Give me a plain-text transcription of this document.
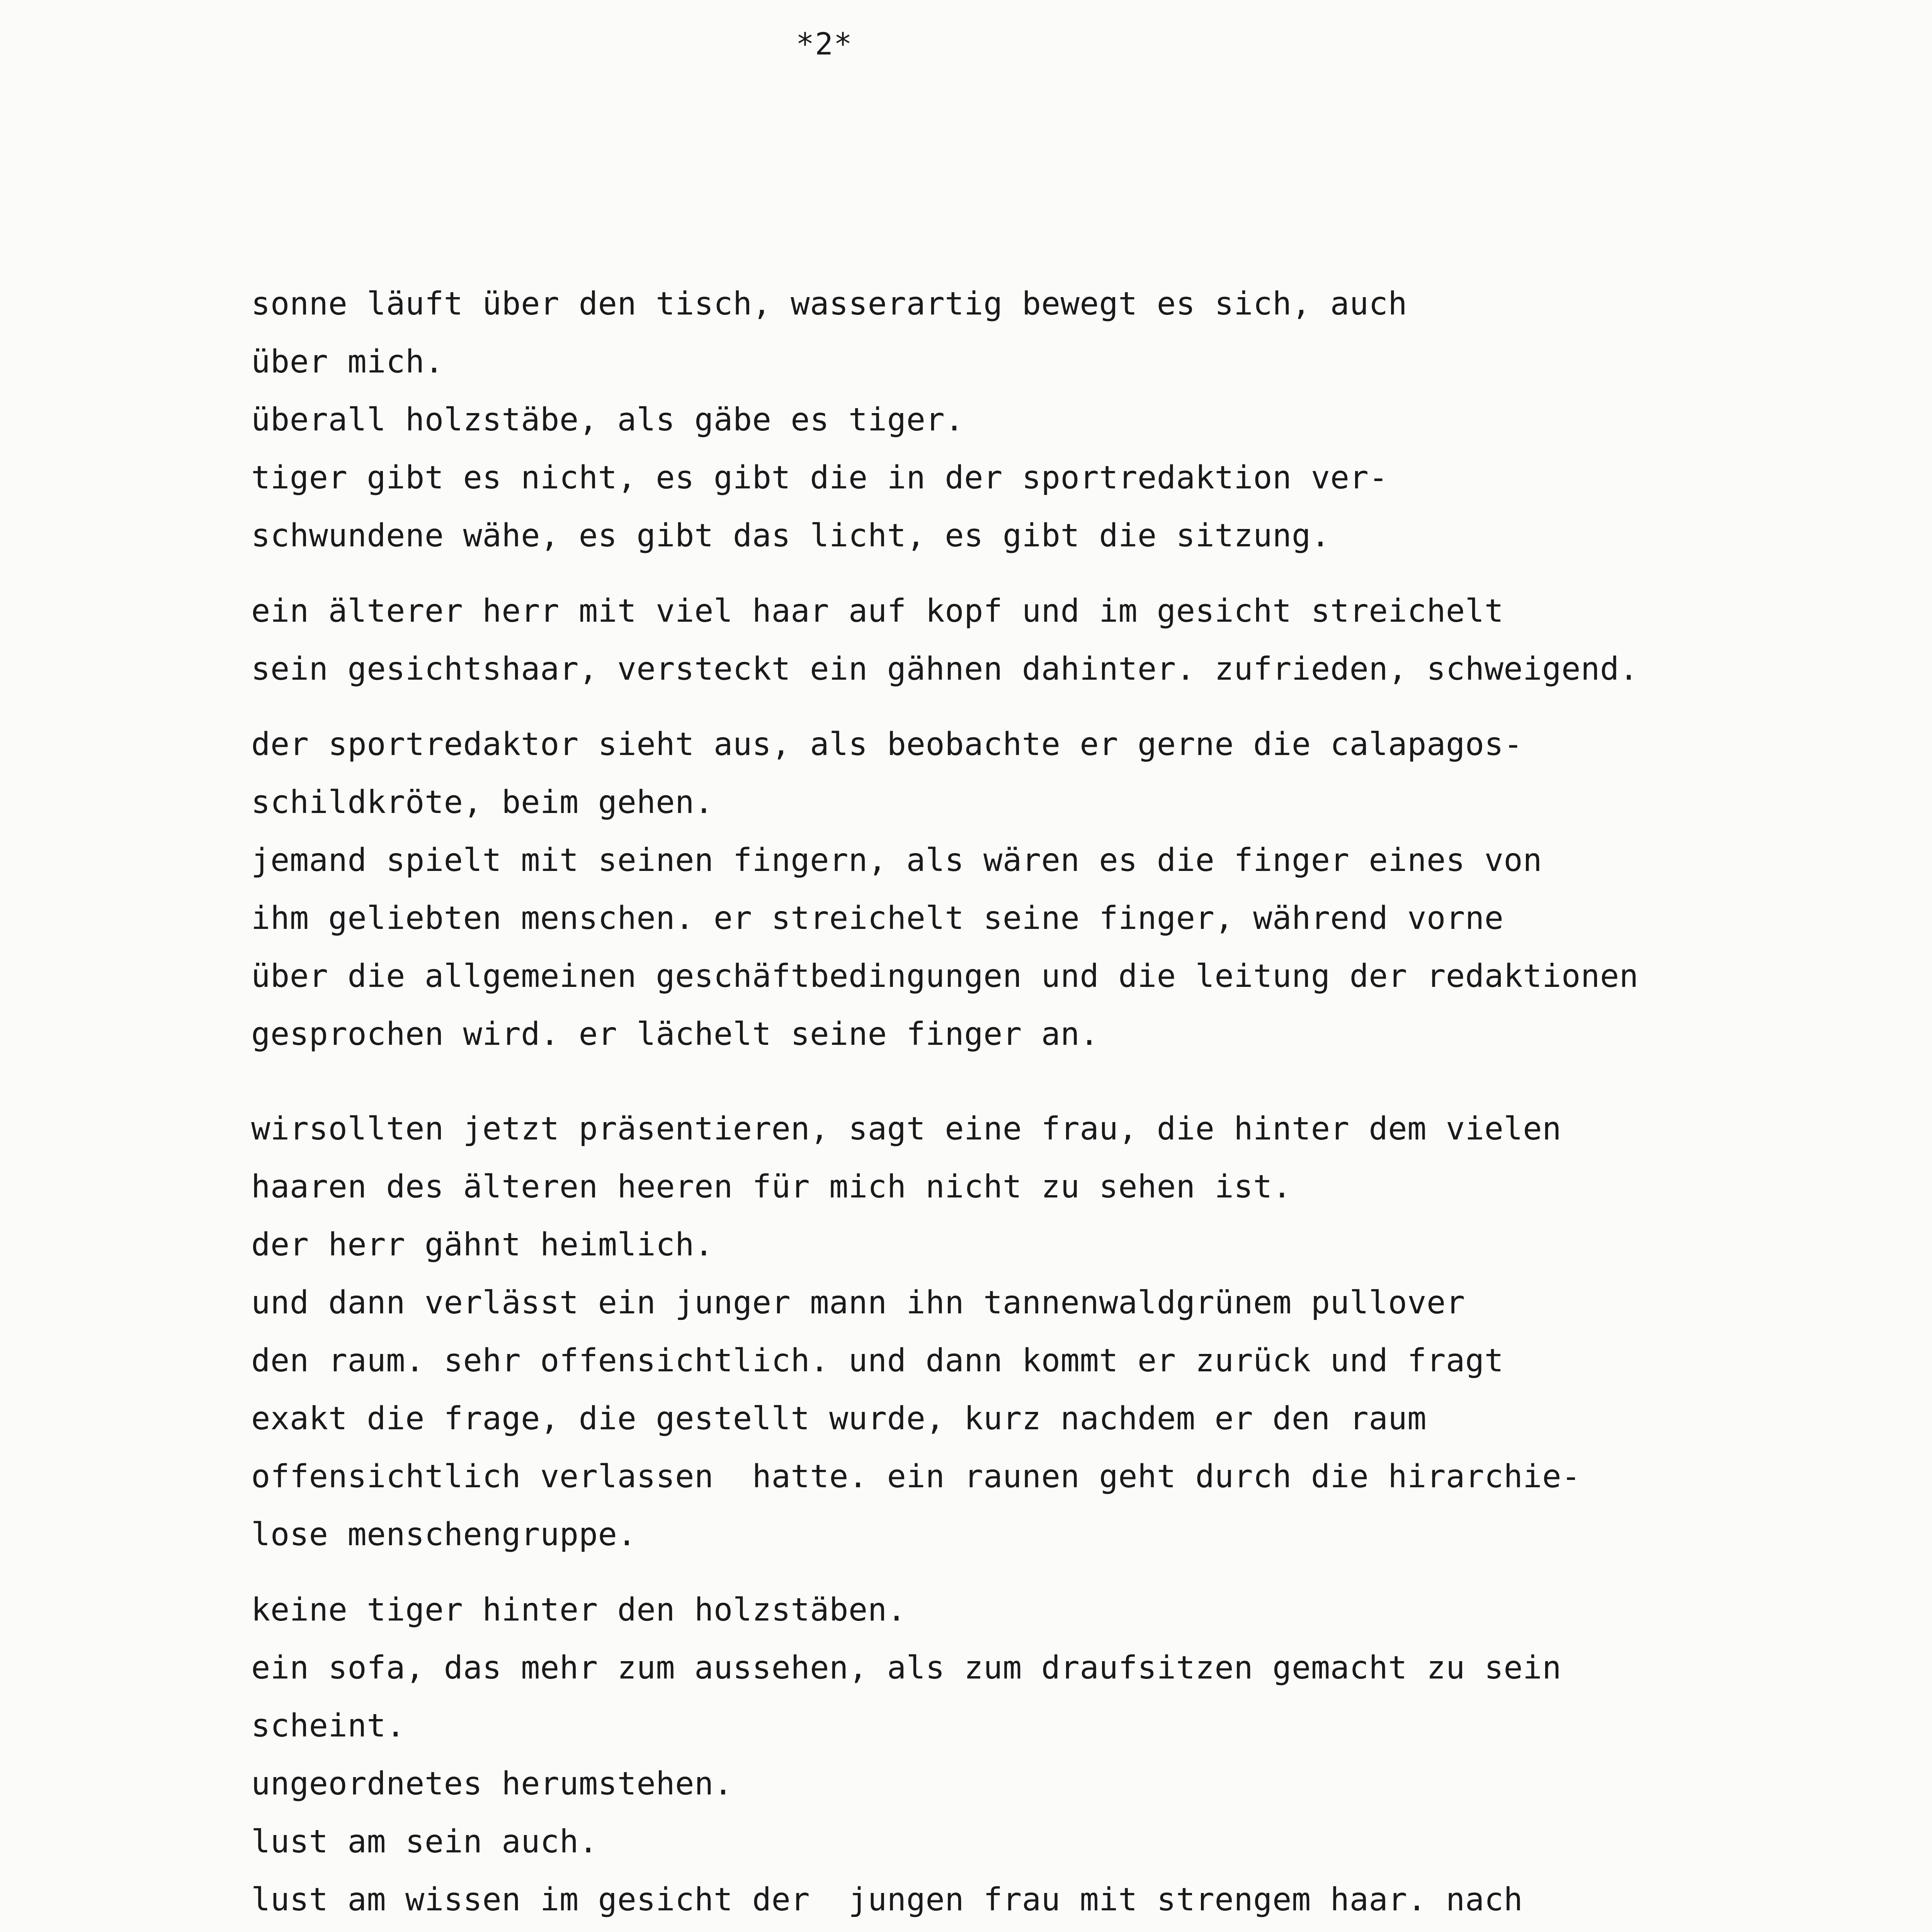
*2*
sonne läuft über den tisch, wasserartig bewegt es sich, auch
über mich.
überall holzstäbe, als gäbe es tiger.
tiger gibt es nicht, es gibt die in der sportredaktion ver-
schwundene wähe, es gibt das licht, es gibt die sitzung.
ein älterer herr mit viel haar auf kopf und im gesicht streichelt
sein gesichtshaar, versteckt ein gähnen dahinter. zufrieden, schweigend.
der sportredaktor sieht aus, als beobachte er gerne die calapagos-
schildkröte, beim gehen.
jemand spielt mit seinen fingern, als wären es die finger eines von
ihm geliebten menschen. er streichelt seine finger, während vorne
über die allgemeinen geschäftbedingungen und die leitung der redaktionen
gesprochen wird. er lächelt seine finger an.
wirsollten jetzt präsentieren, sagt eine frau, die hinter dem vielen
haaren des älteren heeren für mich nicht zu sehen ist.
der herr gähnt heimlich.
und dann verlässt ein junger mann ihn tannenwaldgrünem pullover
den raum. sehr offensichtlich. und dann kommt er zurück und fragt
exakt die frage, die gestellt wurde, kurz nachdem er den raum
offensichtlich verlassen  hatte. ein raunen geht durch die hirarchie-
lose menschengruppe.
keine tiger hinter den holzstäben.
ein sofa, das mehr zum aussehen, als zum draufsitzen gemacht zu sein
scheint.
ungeordnetes herumstehen.
lust am sein auch.
lust am wissen im gesicht der  jungen frau mit strengem haar. nach
